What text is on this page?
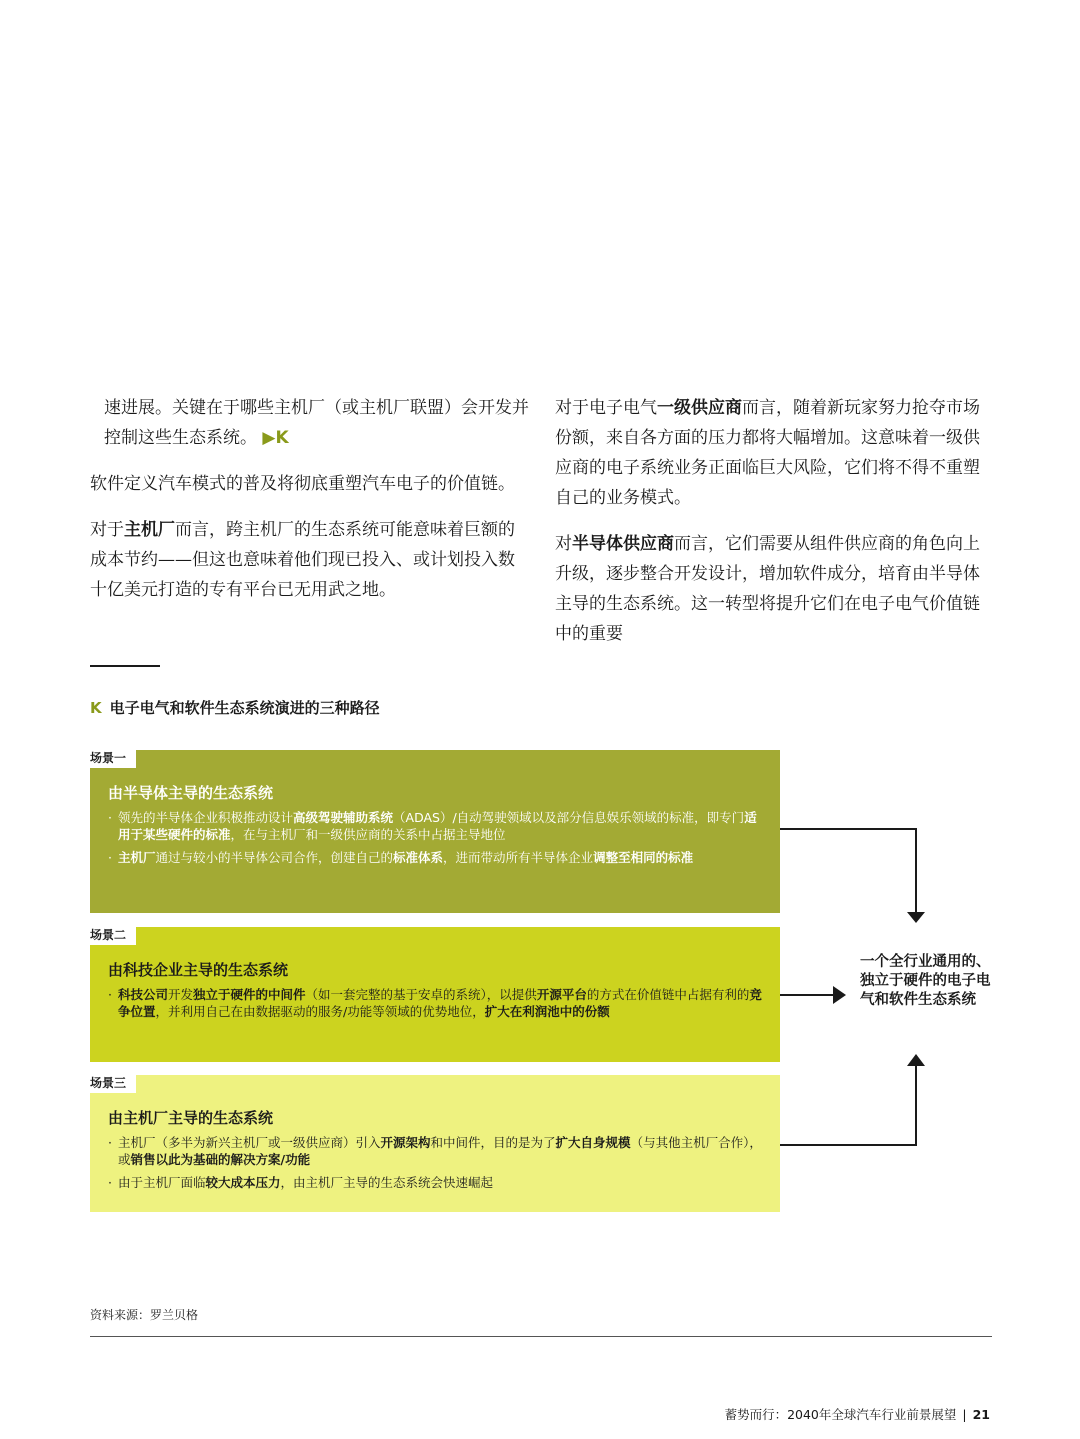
速进展。关键在于哪些主机厂（或主机厂联盟）会开发并控制这些生态系统。 ▶K

软件定义汽车模式的普及将彻底重塑汽车电子的价值链。

对于主机厂而言，跨主机厂的生态系统可能意味着巨额的成本节约——但这也意味着他们现已投入、或计划投入数十亿美元打造的专有平台已无用武之地。

对于电子电气一级供应商而言，随着新玩家努力抢夺市场份额，来自各方面的压力都将大幅增加。这意味着一级供应商的电子系统业务正面临巨大风险，它们将不得不重塑自己的业务模式。

对半导体供应商而言，它们需要从组件供应商的角色向上升级，逐步整合开发设计，增加软件成分，培育由半导体主导的生态系统。这一转型将提升它们在电子电气价值链中的重要

K 电子电气和软件生态系统演进的三种路径
场景一
由半导体主导的生态系统
· 领先的半导体企业积极推动设计高级驾驶辅助系统（ADAS）/自动驾驶领域以及部分信息娱乐领域的标准，即专门适用于某些硬件的标准，在与主机厂和一级供应商的关系中占据主导地位
· 主机厂通过与较小的半导体公司合作，创建自己的标准体系，进而带动所有半导体企业调整至相同的标准
场景二
由科技企业主导的生态系统
· 科技公司开发独立于硬件的中间件（如一套完整的基于安卓的系统），以提供开源平台的方式在价值链中占据有利的竞争位置，并利用自己在由数据驱动的服务/功能等领域的优势地位，扩大在利润池中的份额
场景三
由主机厂主导的生态系统
· 主机厂（多半为新兴主机厂或一级供应商）引入开源架构和中间件，目的是为了扩大自身规模（与其他主机厂合作），或销售以此为基础的解决方案/功能
· 由于主机厂面临较大成本压力，由主机厂主导的生态系统会快速崛起
一个全行业通用的、独立于硬件的电子电气和软件生态系统
资料来源：罗兰贝格
蓄势而行：2040年全球汽车行业前景展望 | 21
